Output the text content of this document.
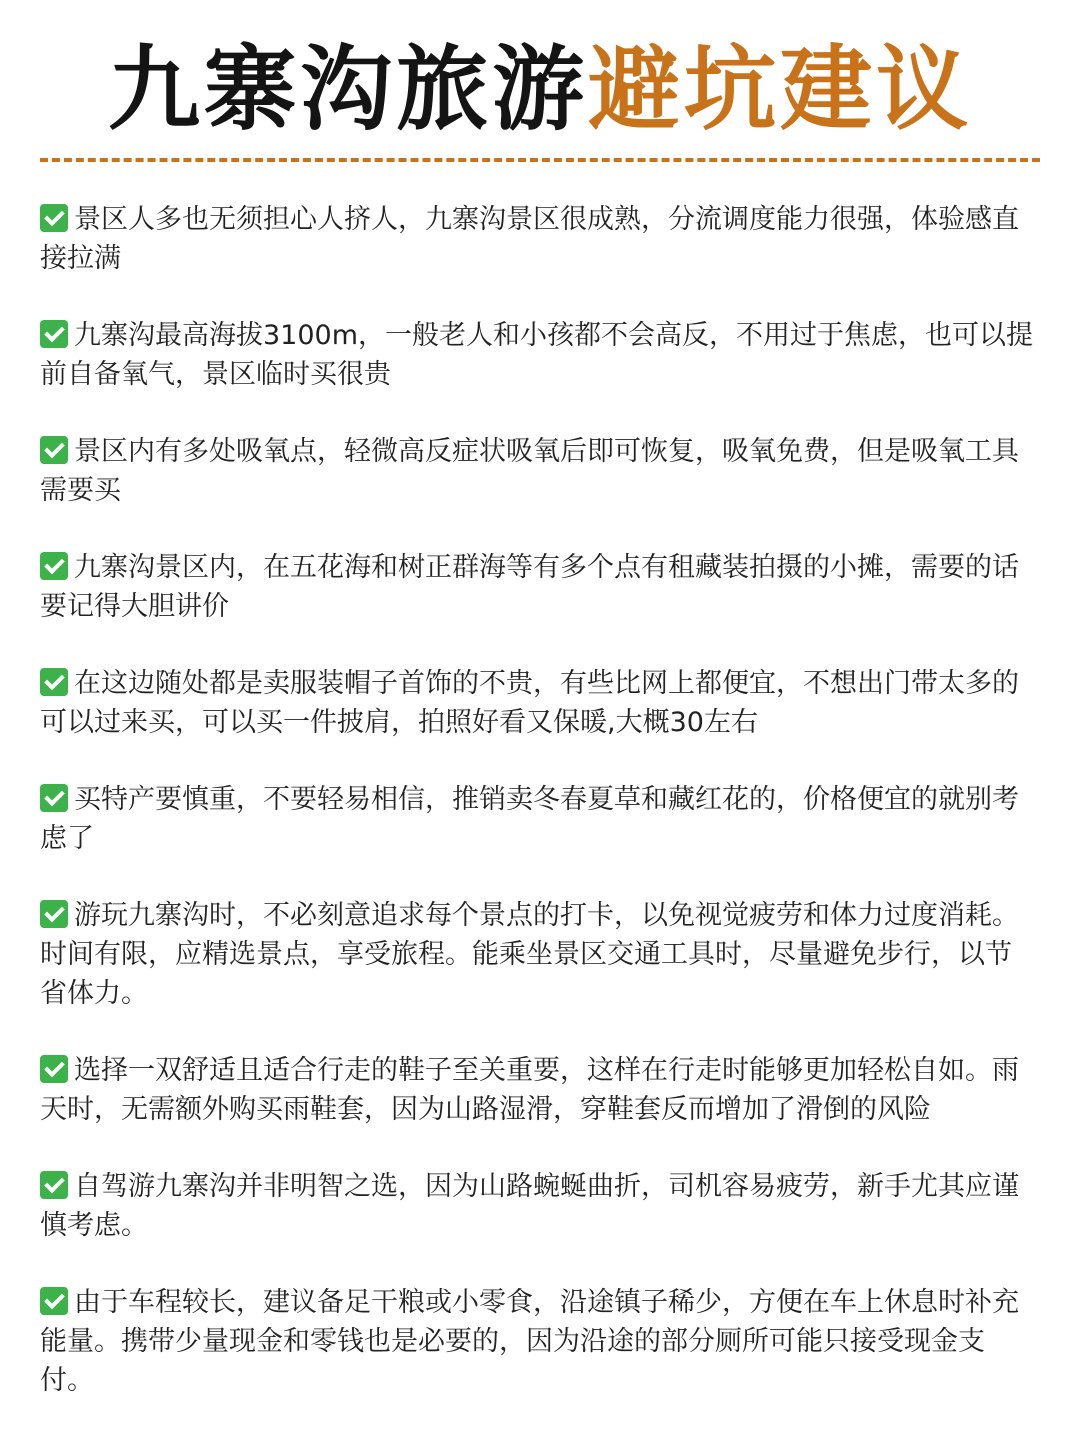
九寨沟旅游避坑建议
景区人多也无须担心人挤人，九寨沟景区很成熟，分流调度能力很强，体验感直接拉满
九寨沟最高海拔3100m，一般老人和小孩都不会高反，不用过于焦虑，也可以提前自备氧气，景区临时买很贵
景区内有多处吸氧点，轻微高反症状吸氧后即可恢复，吸氧免费，但是吸氧工具需要买
九寨沟景区内，在五花海和树正群海等有多个点有租藏装拍摄的小摊，需要的话要记得大胆讲价
在这边随处都是卖服装帽子首饰的不贵，有些比网上都便宜，不想出门带太多的可以过来买，可以买一件披肩，拍照好看又保暖,大概30左右
买特产要慎重，不要轻易相信，推销卖冬春夏草和藏红花的，价格便宜的就别考虑了
游玩九寨沟时，不必刻意追求每个景点的打卡，以免视觉疲劳和体力过度消耗。时间有限，应精选景点，享受旅程。能乘坐景区交通工具时，尽量避免步行，以节省体力。
选择一双舒适且适合行走的鞋子至关重要，这样在行走时能够更加轻松自如。雨天时，无需额外购买雨鞋套，因为山路湿滑，穿鞋套反而增加了滑倒的风险
自驾游九寨沟并非明智之选，因为山路蜿蜒曲折，司机容易疲劳，新手尤其应谨慎考虑。
由于车程较长，建议备足干粮或小零食，沿途镇子稀少，方便在车上休息时补充能量。携带少量现金和零钱也是必要的，因为沿途的部分厕所可能只接受现金支付。
